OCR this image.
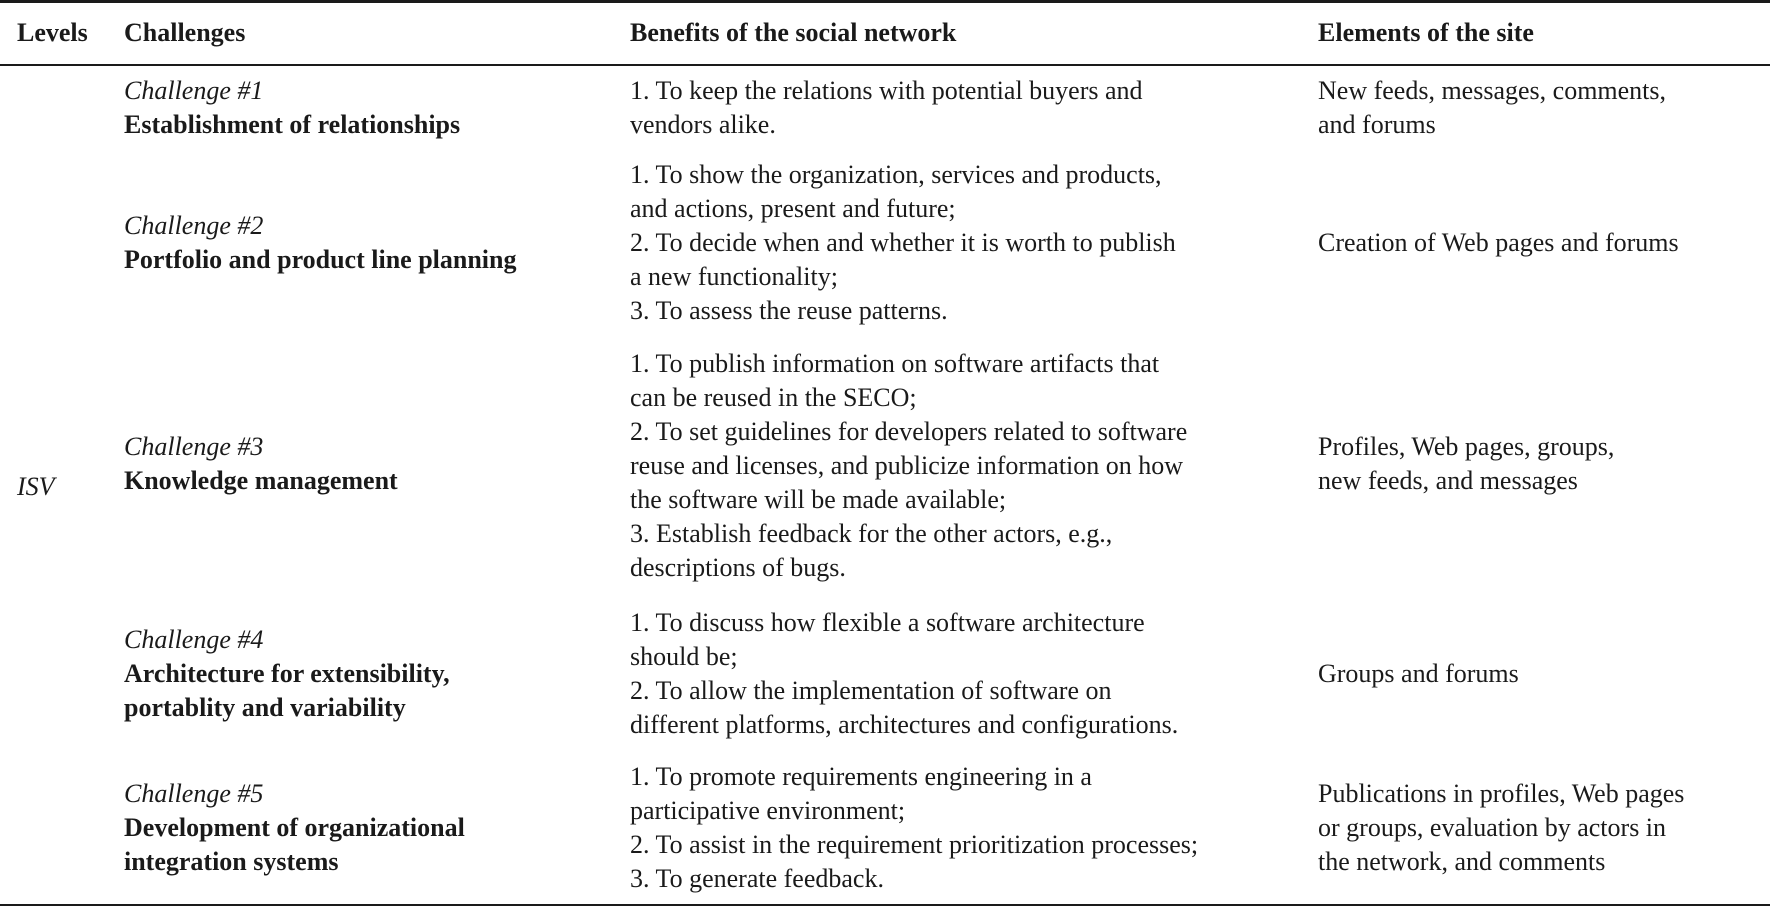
Levels Challenges	Benefits of the social network	Elements of the site
ISV
Challenge #1
Establishment of relationships
1. To keep the relations with potential buyers and
vendors alike.
New feeds, messages, comments,
and forums
Challenge #2
Portfolio and product line planning
1. To show the organization, services and products,
and actions, present and future;
2. To decide when and whether it is worth to publish
a new functionality;
3. To assess the reuse patterns.
Creation of Web pages and forums
Challenge #3
Knowledge management
1. To publish information on software artifacts that
can be reused in the SECO;
2. To set guidelines for developers related to software
reuse and licenses, and publicize information on how
the software will be made available;
3. Establish feedback for the other actors, e.g.,
descriptions of bugs.
Profiles, Web pages, groups,
new feeds, and messages
Challenge #4
Architecture for extensibility,
portablity and variability
1. To discuss how flexible a software architecture
should be;
2. To allow the implementation of software on
different platforms, architectures and configurations.
Groups and forums
Challenge #5
Development of organizational
integration systems
1. To promote requirements engineering in a
participative environment;
2. To assist in the requirement prioritization processes;
3. To generate feedback.
Publications in profiles, Web pages
or groups, evaluation by actors in
the network, and comments
